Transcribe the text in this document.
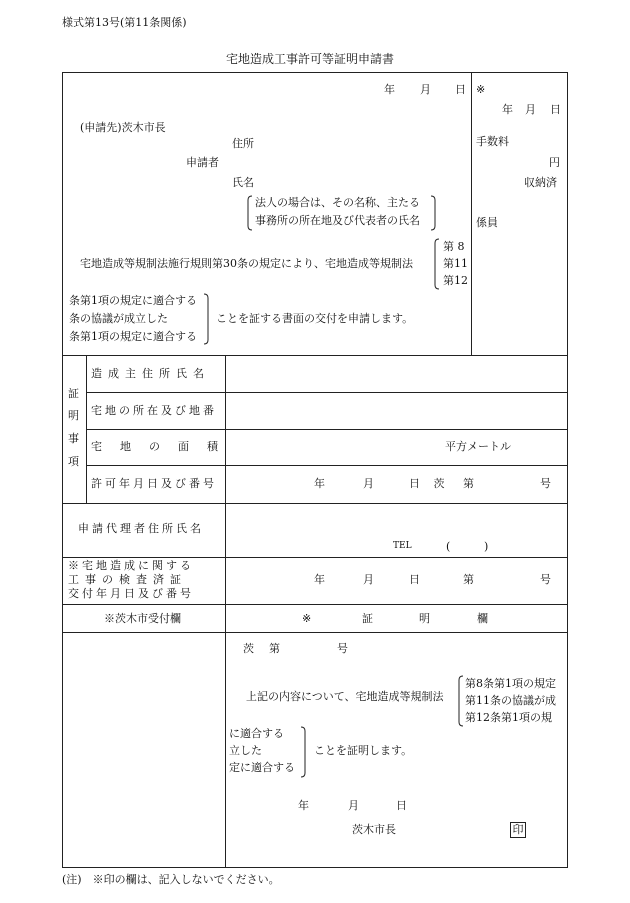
様式第13号(第11条関係)
宅地造成工事許可等証明申請書
年 月 日
(申請先)茨木市長
住所
申請者
氏名
法人の場合は、その名称、主たる
事務所の所在地及び代表者の氏名
宅地造成等規制法施行規則第30条の規定により、宅地造成等規制法
第 8
第11
第12
条第1項の規定に適合する
条の協議が成立した
条第1項の規定に適合する
ことを証する書面の交付を申請します。
※
年 月 日
手数料
円
収納済
係員
証
明
事
項
造成主住所氏名
宅地の所在及び地番
宅地の面積	平方メートル
許可年月日及び番号	年	月	日 茨 第	号
申請代理者住所氏名
TEL	(	)
※宅地造成に関する
工事の検査済証
交付年月日及び番号
年	月	日	第	号
※茨木市受付欄	※	証	明	欄
茨 第	号
上記の内容について、宅地造成等規制法
第8条第1項の規定
第11条の協議が成
第12条第1項の規
に適合する
立した
定に適合する
ことを証明します。
年	月	日
茨木市長	印
(注)　※印の欄は、記入しないでください。
